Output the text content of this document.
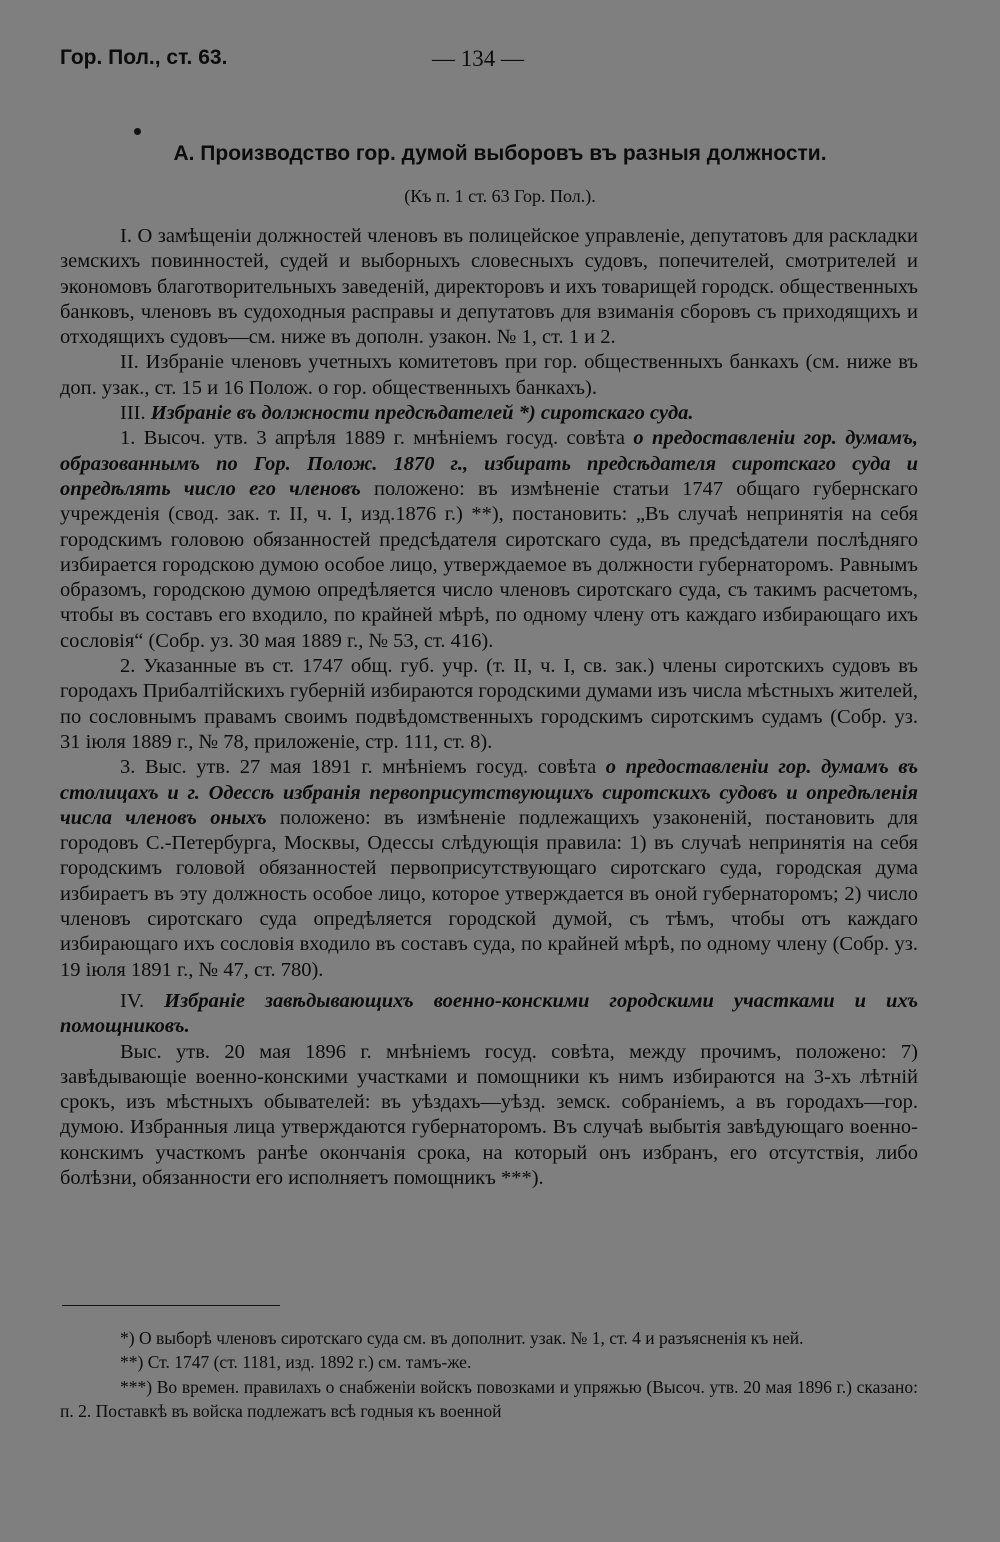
Гор. Пол., ст. 63.	— 134 —
А. Производство гор. думой выборовъ въ разныя должности.
(Къ п. 1 ст. 63 Гор. Пол.).

I. О замѣщенiи должностей членовъ въ полицейское управленiе, депутатовъ для раскладки земскихъ повинностей, судей и выборныхъ словесныхъ судовъ, попечителей, смотрителей и экономовъ благотворительныхъ заведенiй, директоровъ и ихъ товарищей городск. общественныхъ банковъ, членовъ въ судоходныя расправы и депутатовъ для взиманiя сборовъ съ приходящихъ и отходящихъ судовъ—см. ниже въ дополн. узакон. № 1, ст. 1 и 2.

II. Избранiе членовъ учетныхъ комитетовъ при гор. общественныхъ банкахъ (см. ниже въ доп. узак., ст. 15 и 16 Полож. о гор. общественныхъ банкахъ).

III. Избранiе въ должности предсѣдателей *) сиротскаго суда.

1. Высоч. утв. 3 апрѣля 1889 г. мнѣнiемъ госуд. совѣта о предоставленiи гор. думамъ, образованнымъ по Гор. Полож. 1870 г., избирать предсѣдателя сиротскаго суда и опредѣлять число его членовъ положено: въ измѣненiе статьи 1747 общаго губернскаго учрежденiя (свод. зак. т. II, ч. I, изд.1876 г.) **), постановить: „Въ случаѣ непринятiя на себя городскимъ головою обязанностей предсѣдателя сиротскаго суда, въ предсѣдатели послѣдняго избирается городскою думою особое лицо, утверждаемое въ должности губернаторомъ. Равнымъ образомъ, городскою думою опредѣляется число членовъ сиротскаго суда, съ такимъ расчетомъ, чтобы въ составъ его входило, по крайней мѣрѣ, по одному члену отъ каждаго избирающаго ихъ сословiя“ (Собр. уз. 30 мая 1889 г., № 53, ст. 416).

2. Указанные въ ст. 1747 общ. губ. учр. (т. II, ч. I, св. зак.) члены сиротскихъ судовъ въ городахъ Прибалтiйскихъ губернiй избираются городскими думами изъ числа мѣстныхъ жителей, по сословнымъ правамъ своимъ подвѣдомственныхъ городскимъ сиротскимъ судамъ (Собр. уз. 31 iюля 1889 г., № 78, приложенiе, стр. 111, ст. 8).

3. Выс. утв. 27 мая 1891 г. мнѣнiемъ госуд. совѣта о предоставленiи гор. думамъ въ столицахъ и г. Одессѣ избранiя первоприсутствующихъ сиротскихъ судовъ и опредѣленiя числа членовъ оныхъ положено: въ измѣненiе подлежащихъ узаконенiй, постановить для городовъ С.-Петербурга, Москвы, Одессы слѣдующiя правила: 1) въ случаѣ непринятiя на себя городскимъ головой обязанностей первоприсутствующаго сиротскаго суда, городская дума избираетъ въ эту должность особое лицо, которое утверждается въ оной губернаторомъ; 2) число членовъ сиротскаго суда опредѣляется городской думой, съ тѣмъ, чтобы отъ каждаго избирающаго ихъ сословiя входило въ составъ суда, по крайней мѣрѣ, по одному члену (Собр. уз. 19 iюля 1891 г., № 47, ст. 780).

IV. Избранiе завѣдывающихъ военно-конскими городскими участками и ихъ помощниковъ.

Выс. утв. 20 мая 1896 г. мнѣнiемъ госуд. совѣта, между прочимъ, положено: 7) завѣдывающiе военно-конскими участками и помощники къ нимъ избираются на 3-хъ лѣтнiй срокъ, изъ мѣстныхъ обывателей: въ уѣздахъ—уѣзд. земск. собранiемъ, а въ городахъ—гор. думою. Избранныя лица утверждаются губернаторомъ. Въ случаѣ выбытiя завѣдующаго военно-конскимъ участкомъ ранѣе окончанiя срока, на который онъ избранъ, его отсутствiя, либо болѣзни, обязанности его исполняетъ помощникъ ***).

*) О выборѣ членовъ сиротскаго суда см. въ дополнит. узак. № 1, ст. 4 и разъясненiя къ ней.

**) Ст. 1747 (ст. 1181, изд. 1892 г.) см. тамъ-же.

***) Во времен. правилахъ о снабженiи войскъ повозками и упряжью (Высоч. утв. 20 мая 1896 г.) сказано: п. 2. Поставкѣ въ войска подлежатъ всѣ годныя къ военной
